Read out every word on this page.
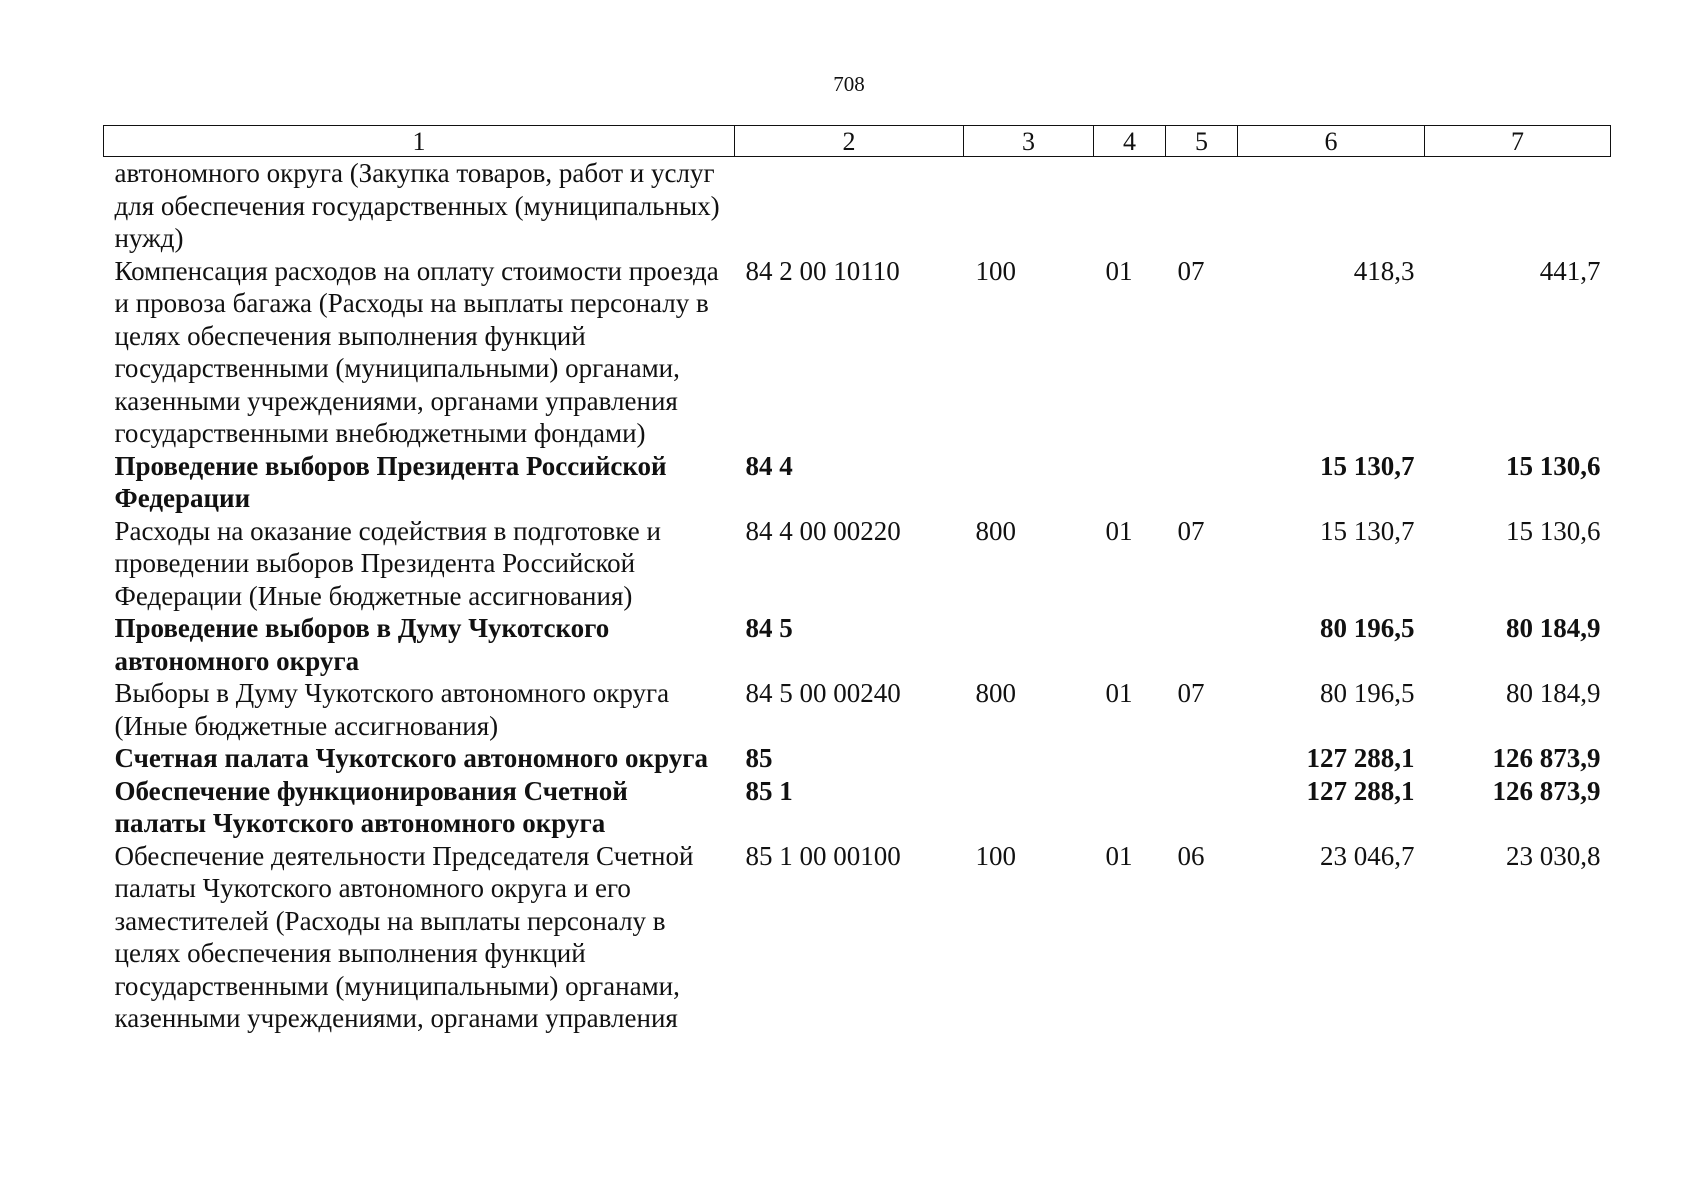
708
1	2	3	4	5	6	7
автономного округа (Закупка товаров, работ и услуг для обеспечения государственных (муниципальных) нужд)						
Компенсация расходов на оплату стоимости проезда и провоза багажа (Расходы на выплаты персоналу в целях обеспечения выполнения функций государственными (муниципальными) органами, казенными учреждениями, органами управления государственными внебюджетными фондами)	84 2 00 10110	100	01	07	418,3	441,7
Проведение выборов Президента Российской Федерации	84 4				15 130,7	15 130,6
Расходы на оказание содействия в подготовке и проведении выборов Президента Российской Федерации (Иные бюджетные ассигнования)	84 4 00 00220	800	01	07	15 130,7	15 130,6
Проведение выборов в Думу Чукотского автономного округа	84 5				80 196,5	80 184,9
Выборы в Думу Чукотского автономного округа (Иные бюджетные ассигнования)	84 5 00 00240	800	01	07	80 196,5	80 184,9
Счетная палата Чукотского автономного округа	85				127 288,1	126 873,9
Обеспечение функционирования Счетной палаты Чукотского автономного округа	85 1				127 288,1	126 873,9
Обеспечение деятельности Председателя Счетной палаты Чукотского автономного округа и его заместителей (Расходы на выплаты персоналу в целях обеспечения выполнения функций государственными (муниципальными) органами, казенными учреждениями, органами управления	85 1 00 00100	100	01	06	23 046,7	23 030,8
